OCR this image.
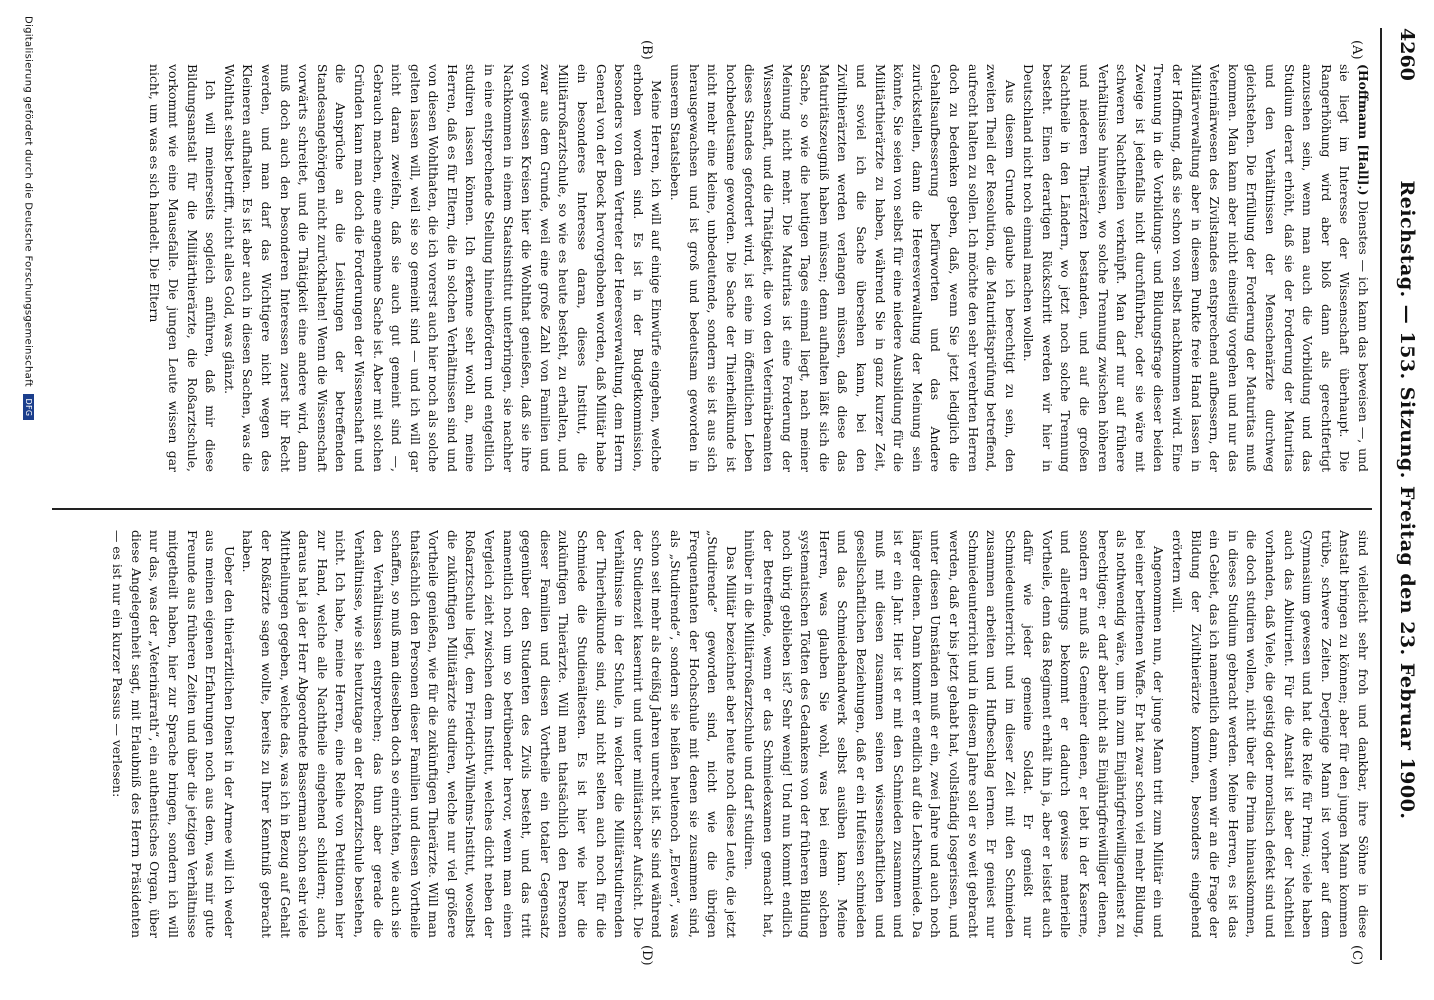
4260
Reichstag. — 153. Sitzung. Freitag den 23. Februar 1900.
(A)
(B)
(C)
(D)

(Hoffmann [Hall].) Dienstes — ich kann das beweisen —, und sie liegt im Interesse der Wissenschaft überhaupt. Die Rangerhöhung wird aber bloß dann als gerechtfertigt anzusehen sein, wenn man auch die Vorbildung und das Studium derart erhöht, daß sie der Forderung der Maturitas und den Verhältnissen der Menschenärzte durchweg gleichstehen. Die Erfüllung der Forderung der Maturitas muß kommen. Man kann aber nicht einseitig vorgehen und nur das Veterinärwesen des Zivilstandes entsprechend aufbessern, der Militärverwaltung aber in diesem Punkte freie Hand lassen in der Hoffnung, daß sie schon von selbst nachkommen wird. Eine Trennung in die Vorbildungs- und Bildungsfrage dieser beiden Zweige ist jedenfalls nicht durchführbar, oder sie wäre mit schweren Nachtheilen verknüpft. Man darf nur auf frühere Verhältnisse hinweisen, wo solche Trennung zwischen höheren und niederen Thierärzten bestanden, und auf die großen Nachtheile in den Ländern, wo jetzt noch solche Trennung besteht. Einen derartigen Rückschritt werden wir hier in Deutschland nicht noch einmal machen wollen.

Aus diesem Grunde glaube ich berechtigt zu sein, den zweiten Theil der Resolution, die Maturitätsprüfung betreffend, aufrecht halten zu sollen. Ich möchte den sehr verehrten Herren doch zu bedenken geben, daß, wenn Sie jetzt lediglich die Gehaltsaufbesserung befürworten und das Andere zurückstellen, dann die Heeresverwaltung der Meinung sein könnte, Sie seien von selbst für eine niedere Ausbildung für die Militärthierärzte zu haben, während Sie in ganz kurzer Zeit, und soviel ich die Sache übersehen kann, bei den Zivilthierärzten werden verlangen müssen, daß diese das Maturitätszeugniß haben müssen; denn aufhalten läßt sich die Sache, so wie die heutigen Tages einmal liegt, nach meiner Meinung nicht mehr. Die Maturitas ist eine Forderung der Wissenschaft, und die Thätigkeit, die von den Veterinärbeamten dieses Standes gefordert wird, ist eine im öffentlichen Leben hochbedeutsame geworden. Die Sache der Thierheilkunde ist nicht mehr eine kleine, unbedeutende, sondern sie ist aus sich herausgewachsen und ist groß und bedeutsam geworden in unserem Staatsleben.

Meine Herren, ich will auf einige Einwürfe eingehen, welche erhoben worden sind. Es ist in der Budgetkommission, besonders von dem Vertreter der Heeresverwaltung, dem Herrn General von der Boeck hervorgehoben worden, daß Militär habe ein besonderes Interesse daran, dieses Institut, die Militärroßarztschule, so wie es heute besteht, zu erhalten, und zwar aus dem Grunde, weil eine große Zahl von Familien und von gewissen Kreisen hier die Wohlthat genießen, daß sie ihre Nachkommen in einem Staatsinstitut unterbringen, sie nachher in eine entsprechende Stellung hineinbefördern und entgeltlich studiren lassen können. Ich erkenne sehr wohl an, meine Herren, daß es für Eltern, die in solchen Verhältnissen sind und von diesen Wohlthaten, die ich vorerst auch hier noch als solche gelten lassen will, weil sie so gemeint sind — und ich will gar nicht daran zweifeln, daß sie auch gut gemeint sind —, Gebrauch machen, eine angenehme Sache ist. Aber mit solchen Gründen kann man doch die Forderungen der Wissenschaft und die Ansprüche an die Leistungen der betreffenden Standesangehörigen nicht zurückhalten! Wenn die Wissenschaft vorwärts schreitet, und die Thätigkeit eine andere wird, dann muß doch auch den besonderen Interessen zuerst ihr Recht werden, und man darf das Wichtigere nicht wegen des Kleineren aufhalten. Es ist aber auch in diesen Sachen, was die Wohlthat selbst betrifft, nicht alles Gold, was glänzt.

Ich will meinerseits sogleich anführen, daß mir diese Bildungsanstalt für die Militärthierärzte, die Roßarztschule, vorkommt wie eine Mausefalle. Die jungen Leute wissen gar nicht, um was es sich handelt. Die Eltern

sind vielleicht sehr froh und dankbar, ihre Söhne in diese Anstalt bringen zu können; aber für den jungen Mann kommen trübe, schwere Zeiten. Derjenige Mann ist vorher auf dem Gymnasium gewesen und hat die Reife für Prima; viele haben auch das Abiturient. Für die Anstalt ist aber der Nachtheil vorhanden, daß Viele, die geistig oder moralisch defekt sind und die doch studiren wollen, nicht über die Prima hinauskommen, in dieses Studium gebracht werden. Meine Herren, es ist das ein Gebiet, das ich namentlich dann, wenn wir an die Frage der Bildung der Zivilthierärzte kommen, besonders eingehend erörtern will.

Angenommen nun, der junge Mann tritt zum Militär ein und bei einer berittenen Waffe. Er hat zwar schon viel mehr Bildung, als nothwendig wäre, um ihn zum Einjährigfreiwilligendienst zu berechtigen; er darf aber nicht als Einjährigfreiwilliger dienen, sondern er muß als Gemeiner dienen, er lebt in der Kaserne, und allerdings bekommt er dadurch gewisse materielle Vortheile, denn das Regiment erhält ihn ja, aber er leistet auch dafür wie jeder gemeine Soldat. Er genießt nur Schmiedeunterricht und im dieser Zeit mit den Schmieden zusammen arbeiten und Hufbeschlag lernen. Er geniest nur Schmiedeunterricht und in diesem Jahre soll er so weit gebracht werden, daß er bis jetzt gehabt hat, vollständig losgerissen, und unter diesen Umständen muß er ein, zwei Jahre und auch noch länger dienen. Dann kommt er endlich auf die Lehrschmiede. Da ist er ein Jahr. Hier ist er mit den Schmieden zusammen und muß mit diesen zusammen seinen wissenschaftlichen und gesellschaftlichen Beziehungen, daß er ein Hufeisen schmieden und das Schmiedehandwerk selbst ausüben kann. Meine Herren, was glauben Sie wohl, was bei einem solchen systematischen Tödten des Gedankens von der früheren Bildung noch übrig geblieben ist? Sehr wenig! Und nun kommt endlich der Betreffende, wenn er das Schmiedexamen gemacht hat, hinüber in die Militärroßarztschule und darf studiren.

Das Militär bezeichnet aber heute noch diese Leute, die jetzt „Studirende“ geworden sind, nicht wie die übrigen Frequentanten der Hochschule mit denen sie zusammen sind, als „Studirende“, sondern sie heißen heutenoch „Eleven“, was schon seit mehr als dreißig Jahren unrecht ist. Sie sind während der Studienzeit kasernirt und unter militärischer Aufsicht. Die Verhältnisse in der Schule, in welcher die Militärstudirenden der Thierheilkunde sind, sind nicht selten auch noch für die Schmiede die Studienältesten. Es ist hier wie hier die zukünftigen Thierärzte. Will man thatsächlich den Personen dieser Familien und diesen Vortheile ein totaler Gegensatz gegenüber den Studenten des Zivils besteht, und das tritt namentlich noch um so betrübender hervor, wenn man einen Vergleich zieht zwischen dem Institut, welches dicht neben der Roßarztschule liegt, dem Friedrich-Wilhelms-Institut, woselbst die zukünftigen Militärärzte studiren, welche nur viel größere Vortheile genießen, wie für die zukünftigen Thierärzte. Will man thatsächlich den Personen dieser Familien und diesen Vortheile schaffen, so muß man dieselben doch so einrichten, wie auch sie den Verhältnissen entsprechen; das thun aber gerade die Verhältnisse, wie sie heutzutage an der Roßarztschule bestehen, nicht. Ich habe, meine Herren, eine Reihe von Petitionen hier zur Hand, welche alle Nachtheile eingehend schildern; auch daraus hat ja der Herr Abgeordnete Basserman schon sehr viele Mittheilungen gegeben, welche das, was ich in Bezug auf Gehalt der Roßärzte sagen wollte, bereits zu Ihrer Kenntniß gebracht haben.

Ueber den thierärztlichen Dienst in der Armee will ich weder aus meinen eigenen Erfahrungen noch aus dem, was mir gute Freunde aus früheren Zeiten und über die jetzigen Verhältnisse mitgetheilt haben, hier zur Sprache bringen, sondern ich will nur das, was der „Veterinärrath“, ein authentisches Organ, über diese Angelegenheit sagt, mit Erlaubniß des Herrn Präsidenten — es ist nur ein kurzer Passus — verlesen:

Digitalisierung gefördert durch die Deutsche Forschungsgemeinschaft DFG
